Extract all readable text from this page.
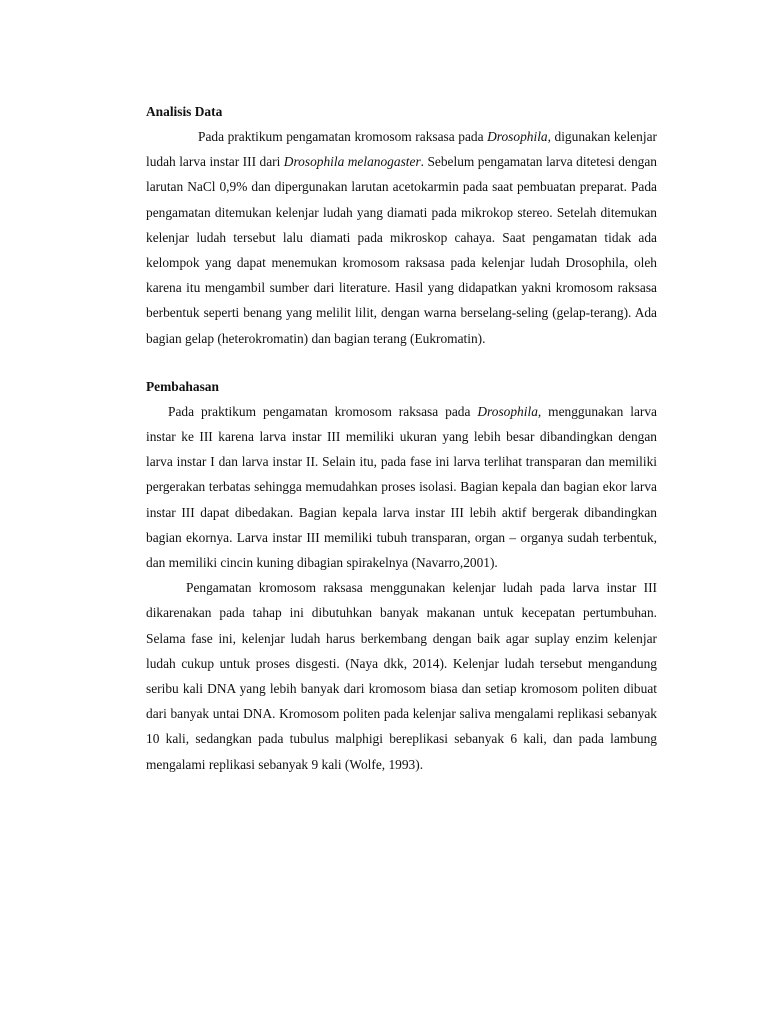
Analisis Data

Pada praktikum pengamatan kromosom raksasa pada Drosophila, digunakan kelenjar ludah larva instar III dari Drosophila melanogaster. Sebelum pengamatan larva ditetesi dengan larutan NaCl 0,9% dan dipergunakan larutan acetokarmin pada saat pembuatan preparat. Pada pengamatan ditemukan kelenjar ludah yang diamati pada mikrokop stereo. Setelah ditemukan kelenjar ludah tersebut lalu diamati pada mikroskop cahaya. Saat pengamatan tidak ada kelompok yang dapat menemukan kromosom raksasa pada kelenjar ludah Drosophila, oleh karena itu mengambil sumber dari literature. Hasil yang didapatkan yakni kromosom raksasa berbentuk seperti benang yang melilit lilit, dengan warna berselang-seling (gelap-terang). Ada bagian gelap (heterokromatin) dan bagian terang (Eukromatin).

Pembahasan

Pada praktikum pengamatan kromosom raksasa pada Drosophila, menggunakan larva instar ke III karena larva instar III memiliki ukuran yang lebih besar dibandingkan dengan larva instar I dan larva instar II. Selain itu, pada fase ini larva terlihat transparan dan memiliki pergerakan terbatas sehingga memudahkan proses isolasi. Bagian kepala dan bagian ekor larva instar III dapat dibedakan. Bagian kepala larva instar III lebih aktif bergerak dibandingkan bagian ekornya. Larva instar III memiliki tubuh transparan, organ – organya sudah terbentuk, dan memiliki cincin kuning dibagian spirakelnya (Navarro,2001).

Pengamatan kromosom raksasa menggunakan kelenjar ludah pada larva instar III dikarenakan pada tahap ini dibutuhkan banyak makanan untuk kecepatan pertumbuhan. Selama fase ini, kelenjar ludah harus berkembang dengan baik agar suplay enzim kelenjar ludah cukup untuk proses disgesti. (Naya dkk, 2014). Kelenjar ludah tersebut mengandung seribu kali DNA yang lebih banyak dari kromosom biasa dan setiap kromosom politen dibuat dari banyak untai DNA. Kromosom politen pada kelenjar saliva mengalami replikasi sebanyak 10 kali, sedangkan pada tubulus malphigi bereplikasi sebanyak 6 kali, dan pada lambung mengalami replikasi sebanyak 9 kali (Wolfe, 1993).
